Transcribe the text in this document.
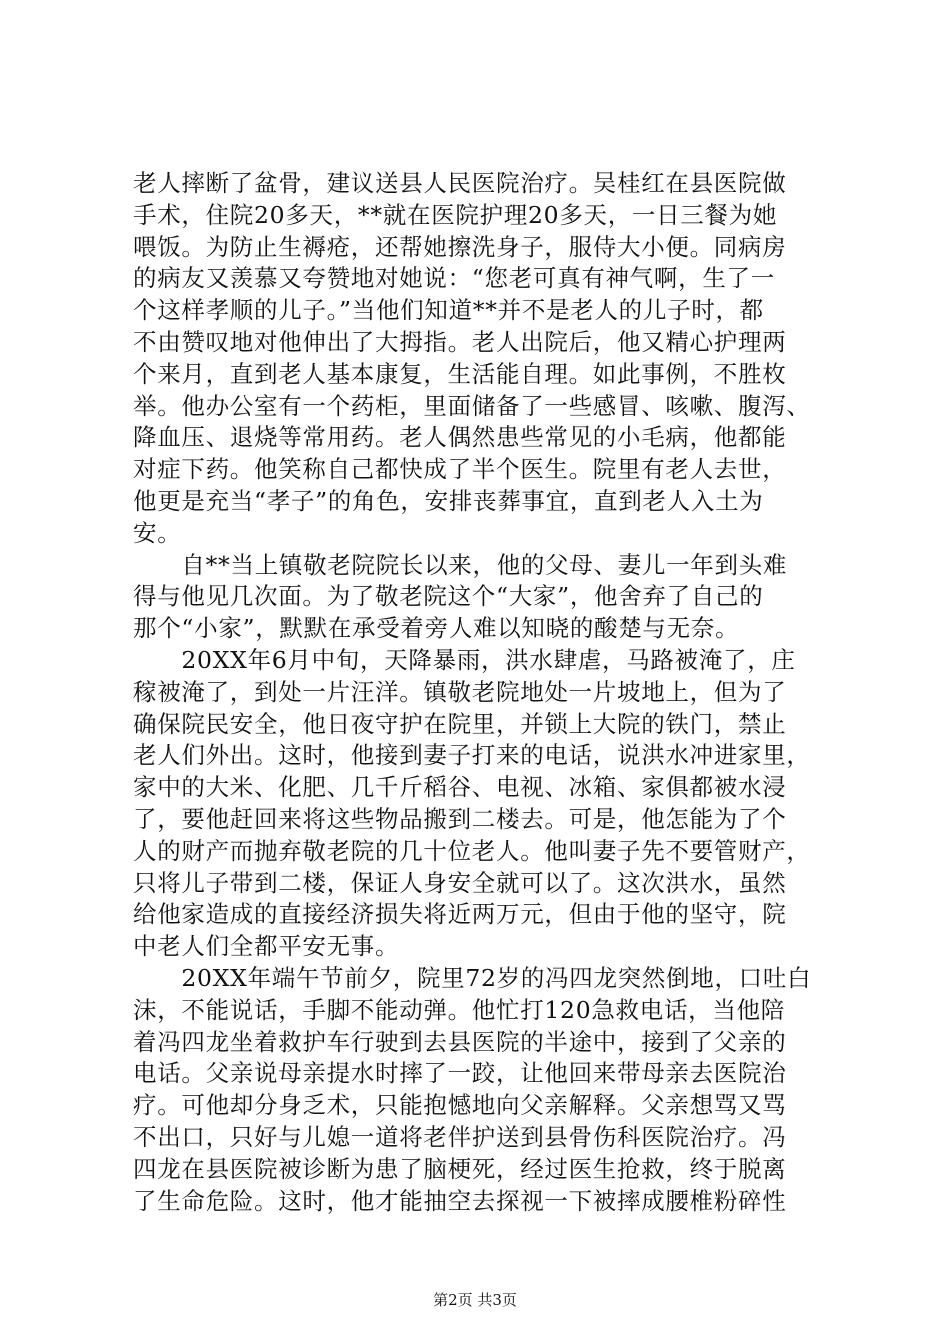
老人摔断了盆骨，建议送县人民医院治疗。吴桂红在县医院做
手术，住院20多天，**就在医院护理20多天，一日三餐为她
喂饭。为防止生褥疮，还帮她擦洗身子，服侍大小便。同病房
的病友又羡慕又夸赞地对她说：“您老可真有神气啊，生了一
个这样孝顺的儿子。”当他们知道**并不是老人的儿子时，都
不由赞叹地对他伸出了大拇指。老人出院后，他又精心护理两
个来月，直到老人基本康复，生活能自理。如此事例，不胜枚
举。他办公室有一个药柜，里面储备了一些感冒、咳嗽、腹泻、
降血压、退烧等常用药。老人偶然患些常见的小毛病，他都能
对症下药。他笑称自己都快成了半个医生。院里有老人去世，
他更是充当“孝子”的角色，安排丧葬事宜，直到老人入土为
安。
　　自**当上镇敬老院院长以来，他的父母、妻儿一年到头难
得与他见几次面。为了敬老院这个“大家”，他舍弃了自己的
那个“小家”，默默在承受着旁人难以知晓的酸楚与无奈。
　　20XX年6月中旬，天降暴雨，洪水肆虐，马路被淹了，庄
稼被淹了，到处一片汪洋。镇敬老院地处一片坡地上，但为了
确保院民安全，他日夜守护在院里，并锁上大院的铁门，禁止
老人们外出。这时，他接到妻子打来的电话，说洪水冲进家里，
家中的大米、化肥、几千斤稻谷、电视、冰箱、家俱都被水浸
了，要他赶回来将这些物品搬到二楼去。可是，他怎能为了个
人的财产而抛弃敬老院的几十位老人。他叫妻子先不要管财产，
只将儿子带到二楼，保证人身安全就可以了。这次洪水，虽然
给他家造成的直接经济损失将近两万元，但由于他的坚守，院
中老人们全都平安无事。
　　20XX年端午节前夕，院里72岁的冯四龙突然倒地，口吐白
沫，不能说话，手脚不能动弹。他忙打120急救电话，当他陪
着冯四龙坐着救护车行驶到去县医院的半途中，接到了父亲的
电话。父亲说母亲提水时摔了一跤，让他回来带母亲去医院治
疗。可他却分身乏术，只能抱憾地向父亲解释。父亲想骂又骂
不出口，只好与儿媳一道将老伴护送到县骨伤科医院治疗。冯
四龙在县医院被诊断为患了脑梗死，经过医生抢救，终于脱离
了生命危险。这时，他才能抽空去探视一下被摔成腰椎粉碎性
第2页 共3页
